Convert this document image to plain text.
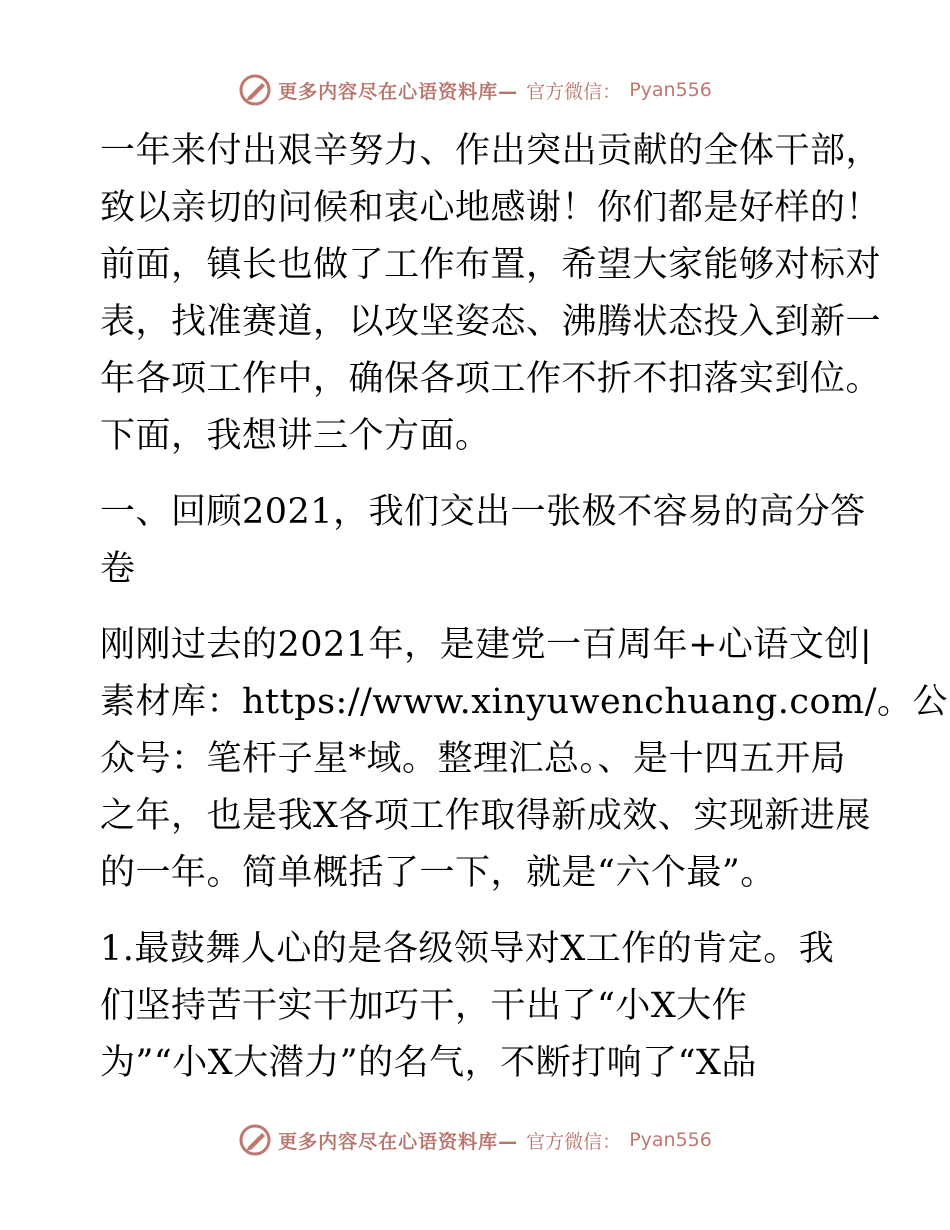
更多内容尽在心语资料库— 官方微信： Pyan556
一年来付出艰辛努力、作出突出贡献的全体干部，
致以亲切的问候和衷心地感谢！你们都是好样的！
前面，镇长也做了工作布置，希望大家能够对标对
表，找准赛道，以攻坚姿态、沸腾状态投入到新一
年各项工作中，确保各项工作不折不扣落实到位。
下面，我想讲三个方面。
一、回顾2021，我们交出一张极不容易的高分答
卷
刚刚过去的2021年，是建党一百周年+心语文创|
素材库：https://www.xinyuwenchuang.com/。公
众号：笔杆子星*域。整理汇总。、是十四五开局
之年，也是我X各项工作取得新成效、实现新进展
的一年。简单概括了一下，就是“六个最”。
1.最鼓舞人心的是各级领导对X工作的肯定。我
们坚持苦干实干加巧干，干出了“小X大作
为”“小X大潜力”的名气，不断打响了“X品
更多内容尽在心语资料库— 官方微信： Pyan556
